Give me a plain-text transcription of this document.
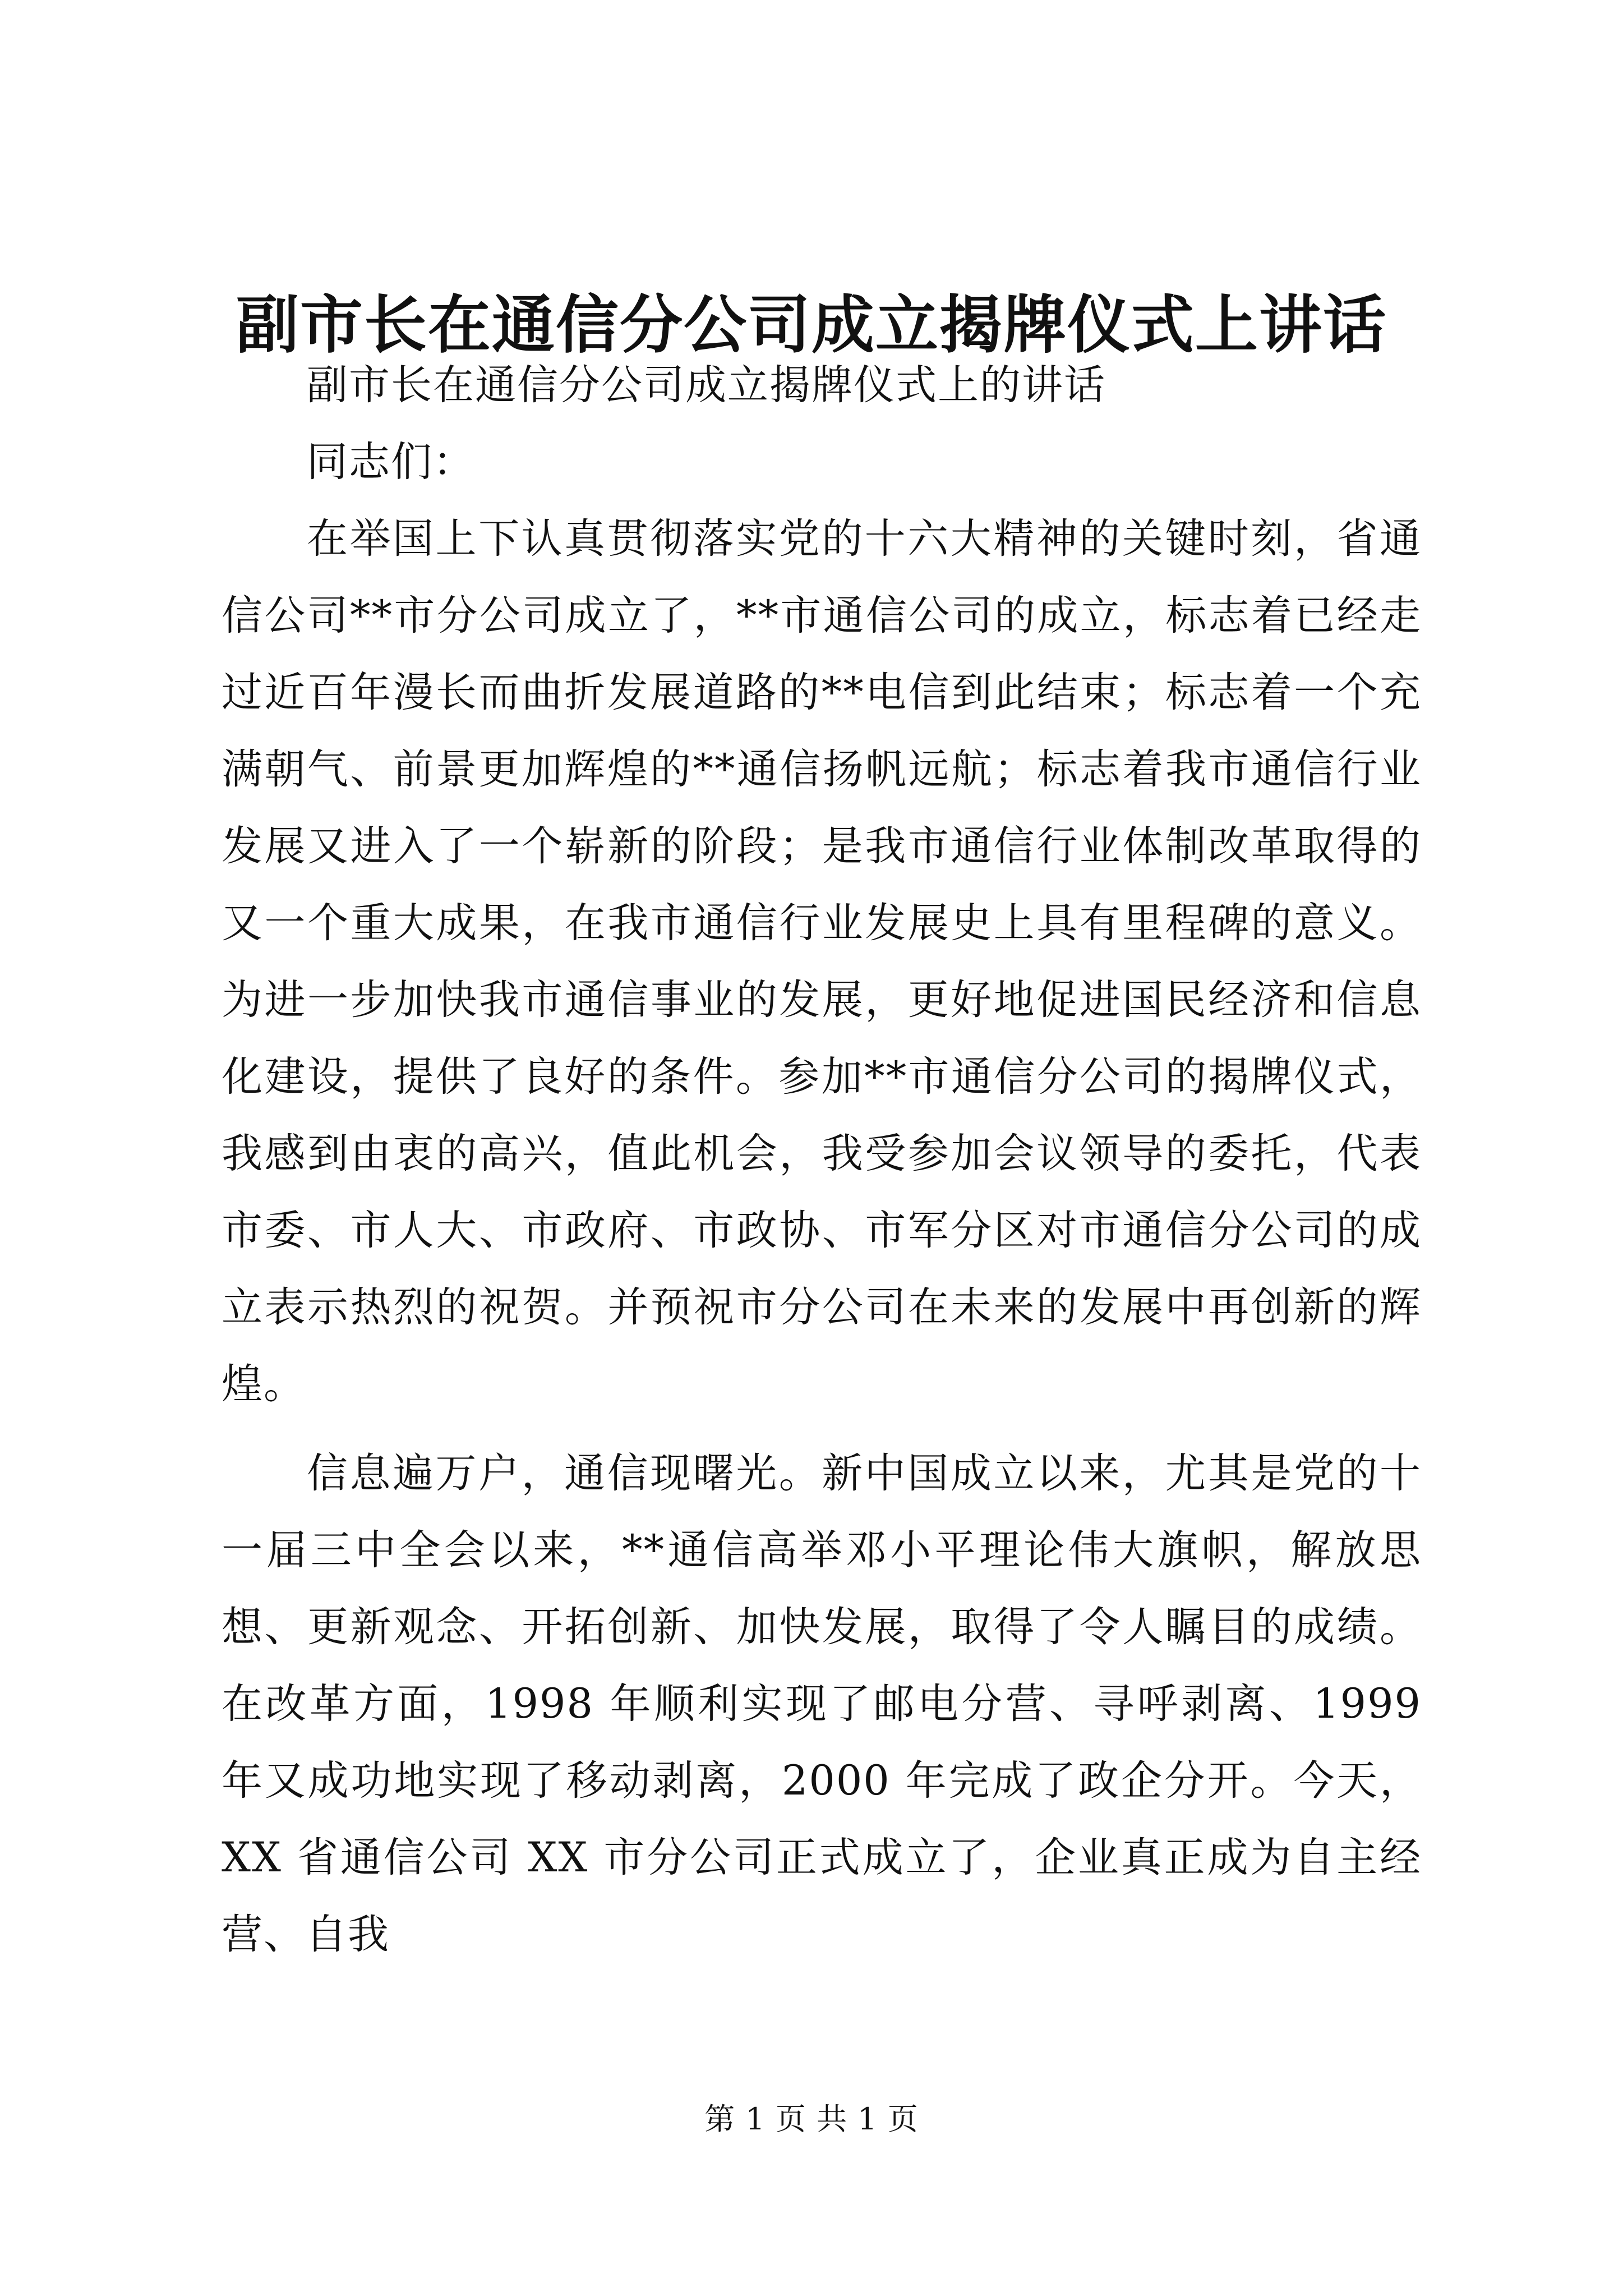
副市长在通信分公司成立揭牌仪式上讲话

副市长在通信分公司成立揭牌仪式上的讲话

同志们：

在举国上下认真贯彻落实党的十六大精神的关键时刻，省通信公司**市分公司成立了，**市通信公司的成立，标志着已经走过近百年漫长而曲折发展道路的**电信到此结束；标志着一个充满朝气、前景更加辉煌的**通信扬帆远航；标志着我市通信行业发展又进入了一个崭新的阶段；是我市通信行业体制改革取得的又一个重大成果，在我市通信行业发展史上具有里程碑的意义。为进一步加快我市通信事业的发展，更好地促进国民经济和信息化建设，提供了良好的条件。参加**市通信分公司的揭牌仪式，我感到由衷的高兴，值此机会，我受参加会议领导的委托，代表市委、市人大、市政府、市政协、市军分区对市通信分公司的成立表示热烈的祝贺。并预祝市分公司在未来的发展中再创新的辉煌。

信息遍万户，通信现曙光。新中国成立以来，尤其是党的十一届三中全会以来，**通信高举邓小平理论伟大旗帜，解放思想、更新观念、开拓创新、加快发展，取得了令人瞩目的成绩。在改革方面，1998 年顺利实现了邮电分营、寻呼剥离、1999 年又成功地实现了移动剥离，2000 年完成了政企分开。今天，XX 省通信公司 XX 市分公司正式成立了，企业真正成为自主经营、自我

第 1 页 共 1 页
